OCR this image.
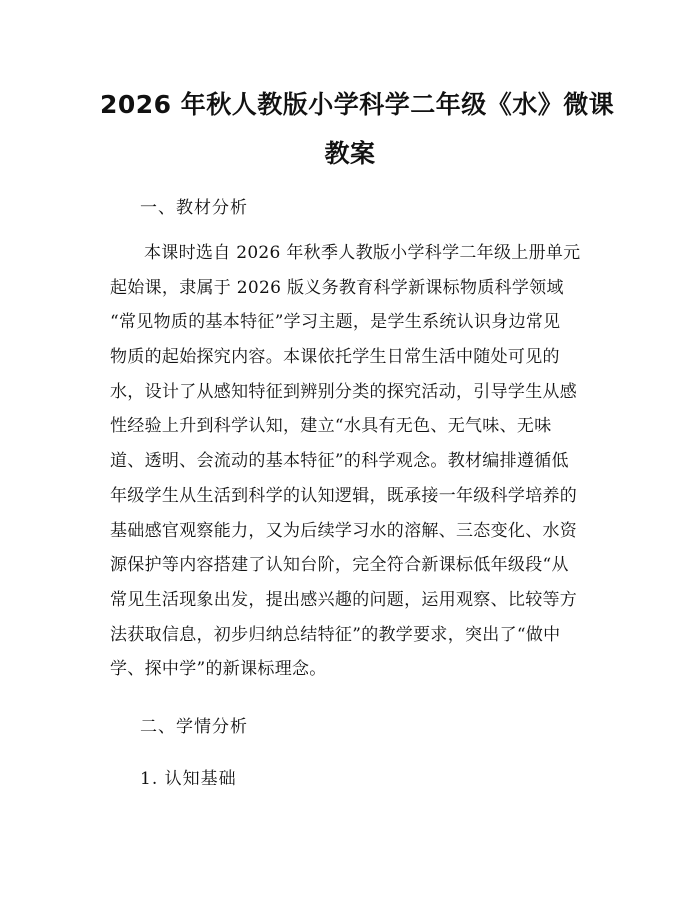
2026 年秋人教版小学科学二年级《水》微课
教案

一、教材分析

本课时选自 2026 年秋季人教版小学科学二年级上册单元
起始课，隶属于 2026 版义务教育科学新课标物质科学领域
“常见物质的基本特征”学习主题，是学生系统认识身边常见
物质的起始探究内容。本课依托学生日常生活中随处可见的
水，设计了从感知特征到辨别分类的探究活动，引导学生从感
性经验上升到科学认知，建立“水具有无色、无气味、无味
道、透明、会流动的基本特征”的科学观念。教材编排遵循低
年级学生从生活到科学的认知逻辑，既承接一年级科学培养的
基础感官观察能力，又为后续学习水的溶解、三态变化、水资
源保护等内容搭建了认知台阶，完全符合新课标低年级段“从
常见生活现象出发，提出感兴趣的问题，运用观察、比较等方
法获取信息，初步归纳总结特征”的教学要求，突出了“做中
学、探中学”的新课标理念。

二、学情分析

1. 认知基础
